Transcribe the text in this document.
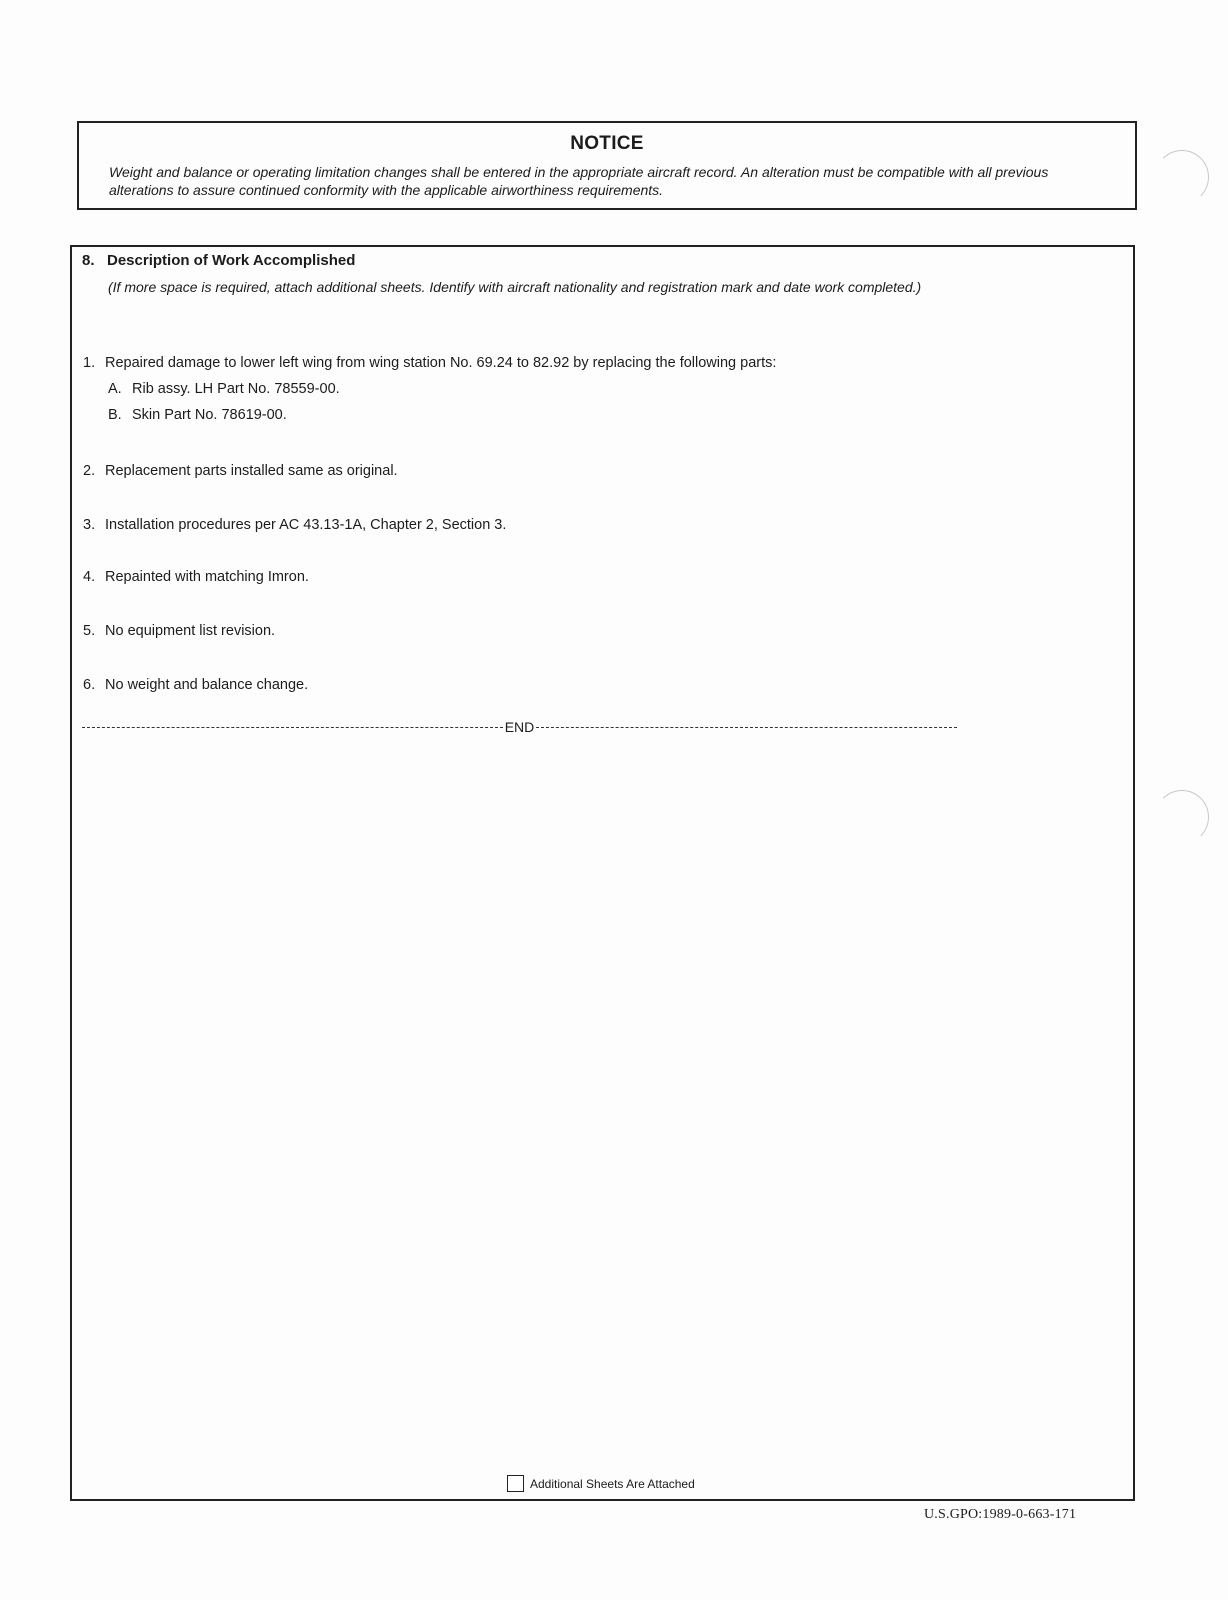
NOTICE
Weight and balance or operating limitation changes shall be entered in the appropriate aircraft record. An alteration must be compatible with all previous alterations to assure continued conformity with the applicable airworthiness requirements.
8. Description of Work Accomplished
(If more space is required, attach additional sheets. Identify with aircraft nationality and registration mark and date work completed.)
1. Repaired damage to lower left wing from wing station No. 69.24 to 82.92 by replacing the following parts:
A. Rib assy. LH Part No. 78559-00.
B. Skin Part No. 78619-00.
2. Replacement parts installed same as original.
3. Installation procedures per AC 43.13-1A, Chapter 2, Section 3.
4. Repainted with matching Imron.
5. No equipment list revision.
6. No weight and balance change.
END
Additional Sheets Are Attached
U.S.GPO:1989-0-663-171
